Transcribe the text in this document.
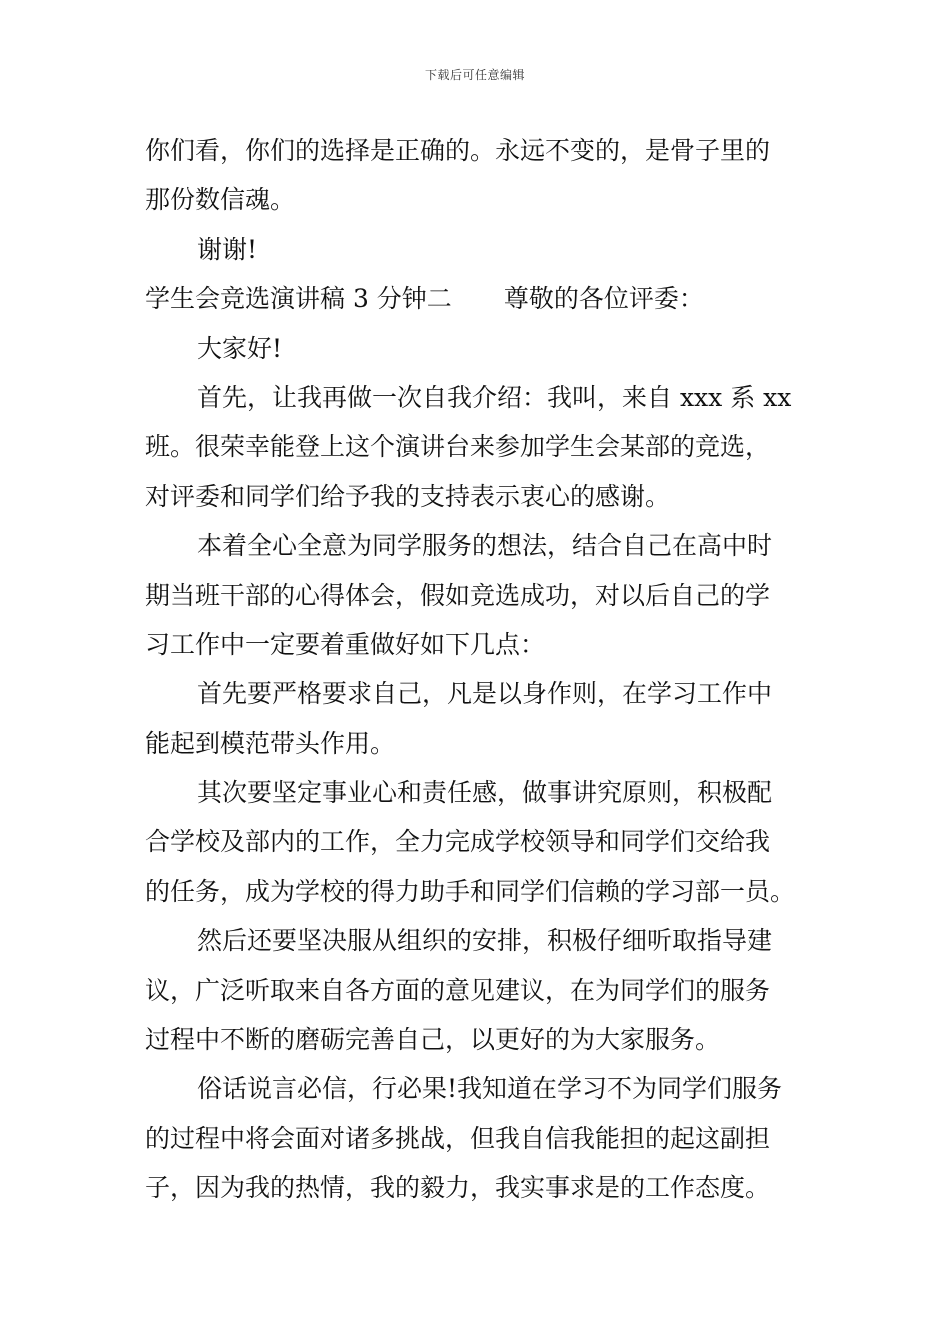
下载后可任意编辑
你们看，你们的选择是正确的。永远不变的，是骨子里的
那份数信魂。
谢谢!
学生会竞选演讲稿 3 分钟二 尊敬的各位评委：
大家好!
首先，让我再做一次自我介绍：我叫，来自 xxx 系 xx
班。很荣幸能登上这个演讲台来参加学生会某部的竞选，
对评委和同学们给予我的支持表示衷心的感谢。
本着全心全意为同学服务的想法，结合自己在高中时
期当班干部的心得体会，假如竞选成功，对以后自己的学
习工作中一定要着重做好如下几点：
首先要严格要求自己，凡是以身作则，在学习工作中
能起到模范带头作用。
其次要坚定事业心和责任感，做事讲究原则，积极配
合学校及部内的工作，全力完成学校领导和同学们交给我
的任务，成为学校的得力助手和同学们信赖的学习部一员。
然后还要坚决服从组织的安排，积极仔细听取指导建
议，广泛听取来自各方面的意见建议，在为同学们的服务
过程中不断的磨砺完善自己，以更好的为大家服务。
俗话说言必信，行必果!我知道在学习不为同学们服务
的过程中将会面对诸多挑战，但我自信我能担的起这副担
子，因为我的热情，我的毅力，我实事求是的工作态度。
